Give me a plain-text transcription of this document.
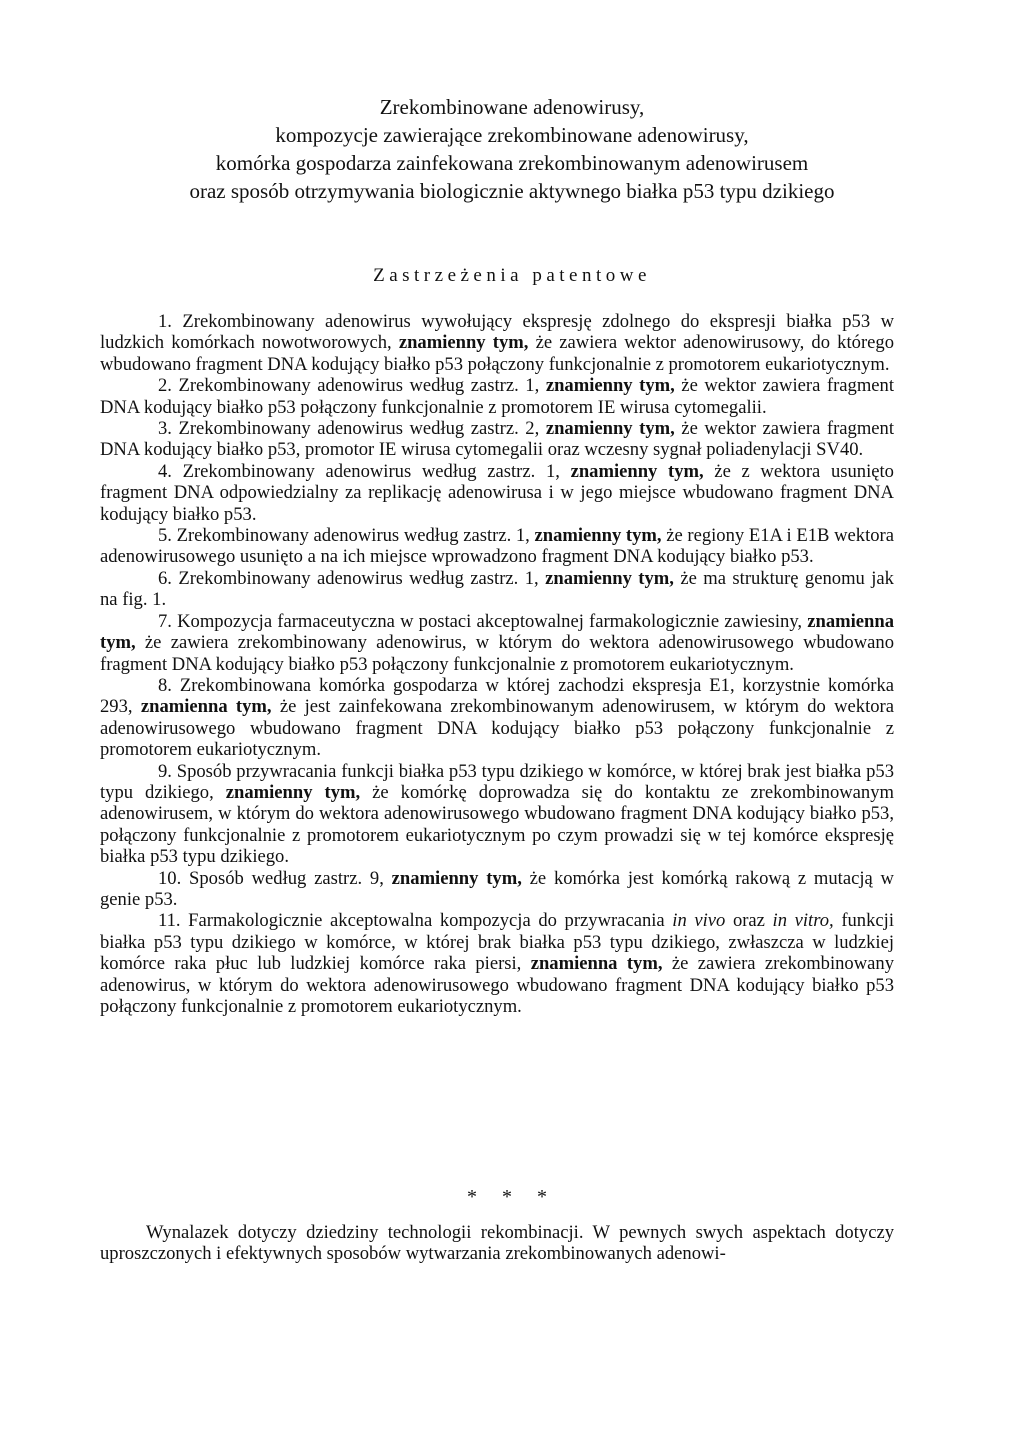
Zrekombinowane adenowirusy,
kompozycje zawierające zrekombinowane adenowirusy,
komórka gospodarza zainfekowana zrekombinowanym adenowirusem
oraz sposób otrzymywania biologicznie aktywnego białka p53 typu dzikiego
Zastrzeżenia patentowe

1. Zrekombinowany adenowirus wywołujący ekspresję zdolnego do ekspresji białka p53 w ludzkich komórkach nowotworowych, znamienny tym, że zawiera wektor adenowirusowy, do którego wbudowano fragment DNA kodujący białko p53 połączony funkcjonalnie z promotorem eukariotycznym.

2. Zrekombinowany adenowirus według zastrz. 1, znamienny tym, że wektor zawiera fragment DNA kodujący białko p53 połączony funkcjonalnie z promotorem IE wirusa cytomegalii.

3. Zrekombinowany adenowirus według zastrz. 2, znamienny tym, że wektor zawiera fragment DNA kodujący białko p53, promotor IE wirusa cytomegalii oraz wczesny sygnał poliadenylacji SV40.

4. Zrekombinowany adenowirus według zastrz. 1, znamienny tym, że z wektora usunięto fragment DNA odpowiedzialny za replikację adenowirusa i w jego miejsce wbudowano fragment DNA kodujący białko p53.

5. Zrekombinowany adenowirus według zastrz. 1, znamienny tym, że regiony E1A i E1B wektora adenowirusowego usunięto a na ich miejsce wprowadzono fragment DNA kodujący białko p53.

6. Zrekombinowany adenowirus według zastrz. 1, znamienny tym, że ma strukturę genomu jak na fig. 1.

7. Kompozycja farmaceutyczna w postaci akceptowalnej farmakologicznie zawiesiny, znamienna tym, że zawiera zrekombinowany adenowirus, w którym do wektora adenowirusowego wbudowano fragment DNA kodujący białko p53 połączony funkcjonalnie z promotorem eukariotycznym.

8. Zrekombinowana komórka gospodarza w której zachodzi ekspresja E1, korzystnie komórka 293, znamienna tym, że jest zainfekowana zrekombinowanym adenowirusem, w którym do wektora adenowirusowego wbudowano fragment DNA kodujący białko p53 połączony funkcjonalnie z promotorem eukariotycznym.

9. Sposób przywracania funkcji białka p53 typu dzikiego w komórce, w której brak jest białka p53 typu dzikiego, znamienny tym, że komórkę doprowadza się do kontaktu ze zrekombinowanym adenowirusem, w którym do wektora adenowirusowego wbudowano fragment DNA kodujący białko p53, połączony funkcjonalnie z promotorem eukariotycznym po czym prowadzi się w tej komórce ekspresję białka p53 typu dzikiego.

10. Sposób według zastrz. 9, znamienny tym, że komórka jest komórką rakową z mutacją w genie p53.

11. Farmakologicznie akceptowalna kompozycja do przywracania in vivo oraz in vitro, funkcji białka p53 typu dzikiego w komórce, w której brak białka p53 typu dzikiego, zwłaszcza w ludzkiej komórce raka płuc lub ludzkiej komórce raka piersi, znamienna tym, że zawiera zrekombinowany adenowirus, w którym do wektora adenowirusowego wbudowano fragment DNA kodujący białko p53 połączony funkcjonalnie z promotorem eukariotycznym.

* * *

Wynalazek dotyczy dziedziny technologii rekombinacji. W pewnych swych aspektach dotyczy uproszczonych i efektywnych sposobów wytwarzania zrekombinowanych adenowi-
